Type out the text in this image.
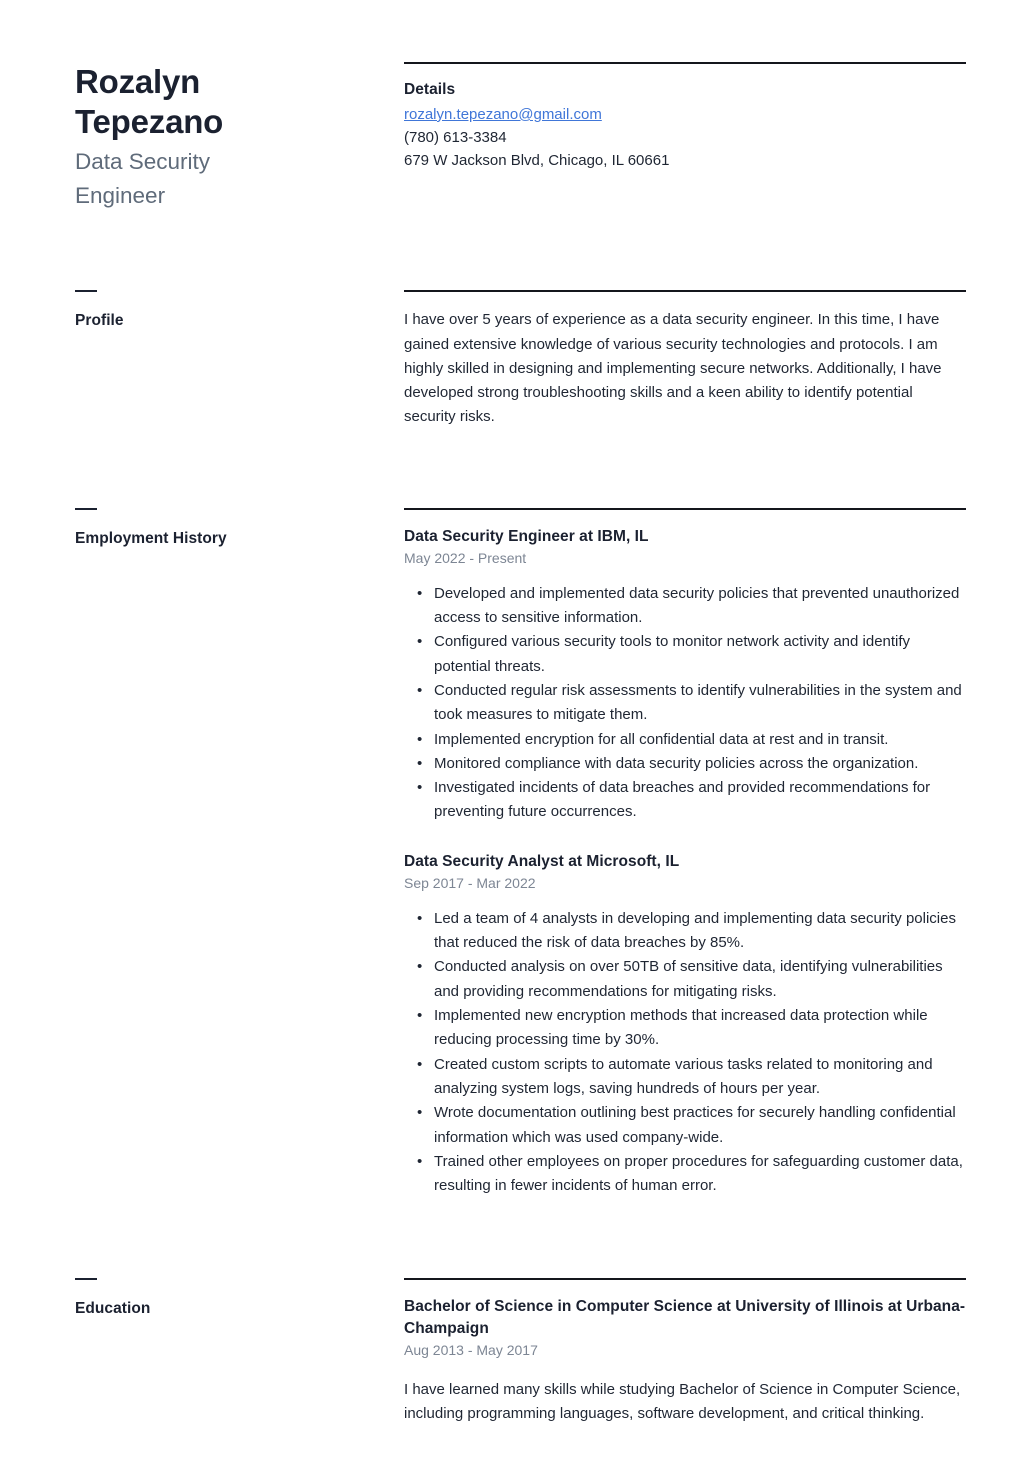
Rozalyn Tepezano
Data Security Engineer
Details
rozalyn.tepezano@gmail.com
(780) 613-3384
679 W Jackson Blvd, Chicago, IL 60661
Profile	I have over 5 years of experience as a data security engineer. In this time, I have gained extensive knowledge of various security technologies and protocols. I am highly skilled in designing and implementing secure networks. Additionally, I have developed strong troubleshooting skills and a keen ability to identify potential security risks.

Employment History	Data Security Engineer at IBM, IL
May 2022 - Present
• Developed and implemented data security policies that prevented unauthorized access to sensitive information.
• Configured various security tools to monitor network activity and identify potential threats.
• Conducted regular risk assessments to identify vulnerabilities in the system and took measures to mitigate them.
• Implemented encryption for all confidential data at rest and in transit.
• Monitored compliance with data security policies across the organization.
• Investigated incidents of data breaches and provided recommendations for preventing future occurrences.
Data Security Analyst at Microsoft, IL
Sep 2017 - Mar 2022
• Led a team of 4 analysts in developing and implementing data security policies that reduced the risk of data breaches by 85%.
• Conducted analysis on over 50TB of sensitive data, identifying vulnerabilities and providing recommendations for mitigating risks.
• Implemented new encryption methods that increased data protection while reducing processing time by 30%.
• Created custom scripts to automate various tasks related to monitoring and analyzing system logs, saving hundreds of hours per year.
• Wrote documentation outlining best practices for securely handling confidential information which was used company-wide.
• Trained other employees on proper procedures for safeguarding customer data, resulting in fewer incidents of human error.
Education	Bachelor of Science in Computer Science at University of Illinois at Urbana-Champaign
Aug 2013 - May 2017

I have learned many skills while studying Bachelor of Science in Computer Science, including programming languages, software development, and critical thinking.
